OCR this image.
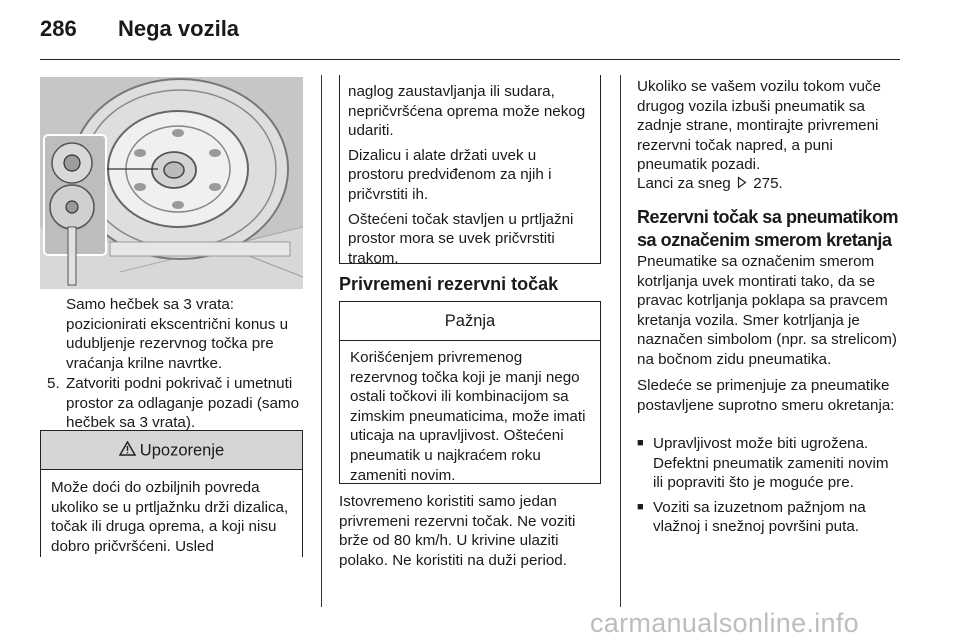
286 Nega vozila

Samo hečbek sa 3 vrata: pozicionirati ekscentrični konus u udubljenje rezervnog točka pre vraćanja krilne navrtke.

5. Zatvoriti podni pokrivač i umetnuti prostor za odlaganje pozadi (samo hečbek sa 3 vrata).
Upozorenje
Može doći do ozbiljnih povreda ukoliko se u prtljažnku drži dizalica, točak ili druga oprema, a koji nisu dobro pričvršćeni. Usled

naglog zaustavljanja ili sudara, nepričvršćena oprema može nekog udariti.

Dizalicu i alate držati uvek u prostoru predviđenom za njih i pričvrstiti ih.

Oštećeni točak stavljen u prtljažni prostor mora se uvek pričvrstiti trakom.

Privremeni rezervni točak
Pažnja
Korišćenjem privremenog rezervnog točka koji je manji nego ostali točkovi ili kombinacijom sa zimskim pneumaticima, može imati uticaja na upravljivost. Oštećeni pneumatik u najkraćem roku zameniti novim.

Istovremeno koristiti samo jedan privremeni rezervni točak. Ne voziti brže od 80 km/h. U krivine ulaziti polako. Ne koristiti na duži period.

Ukoliko se vašem vozilu tokom vuče drugog vozila izbuši pneumatik sa zadnje strane, montirajte privremeni rezervni točak napred, a puni pneumatik pozadi.

Lanci za sneg 275.

Rezervni točak sa pneumatikom sa označenim smerom kretanja

Pneumatike sa označenim smerom kotrljanja uvek montirati tako, da se pravac kotrljanja poklapa sa pravcem kretanja vozila. Smer kotrljanja je naznačen simbolom (npr. sa strelicom) na bočnom zidu pneumatika.

Sledeće se primenjuje za pneumatike postavljene suprotno smeru okretanja:

■ Upravljivost može biti ugrožena. Defektni pneumatik zameniti novim ili popraviti što je moguće pre.
■ Voziti sa izuzetnom pažnjom na vlažnoj i snežnoj površini puta.
carmanualsonline.info
